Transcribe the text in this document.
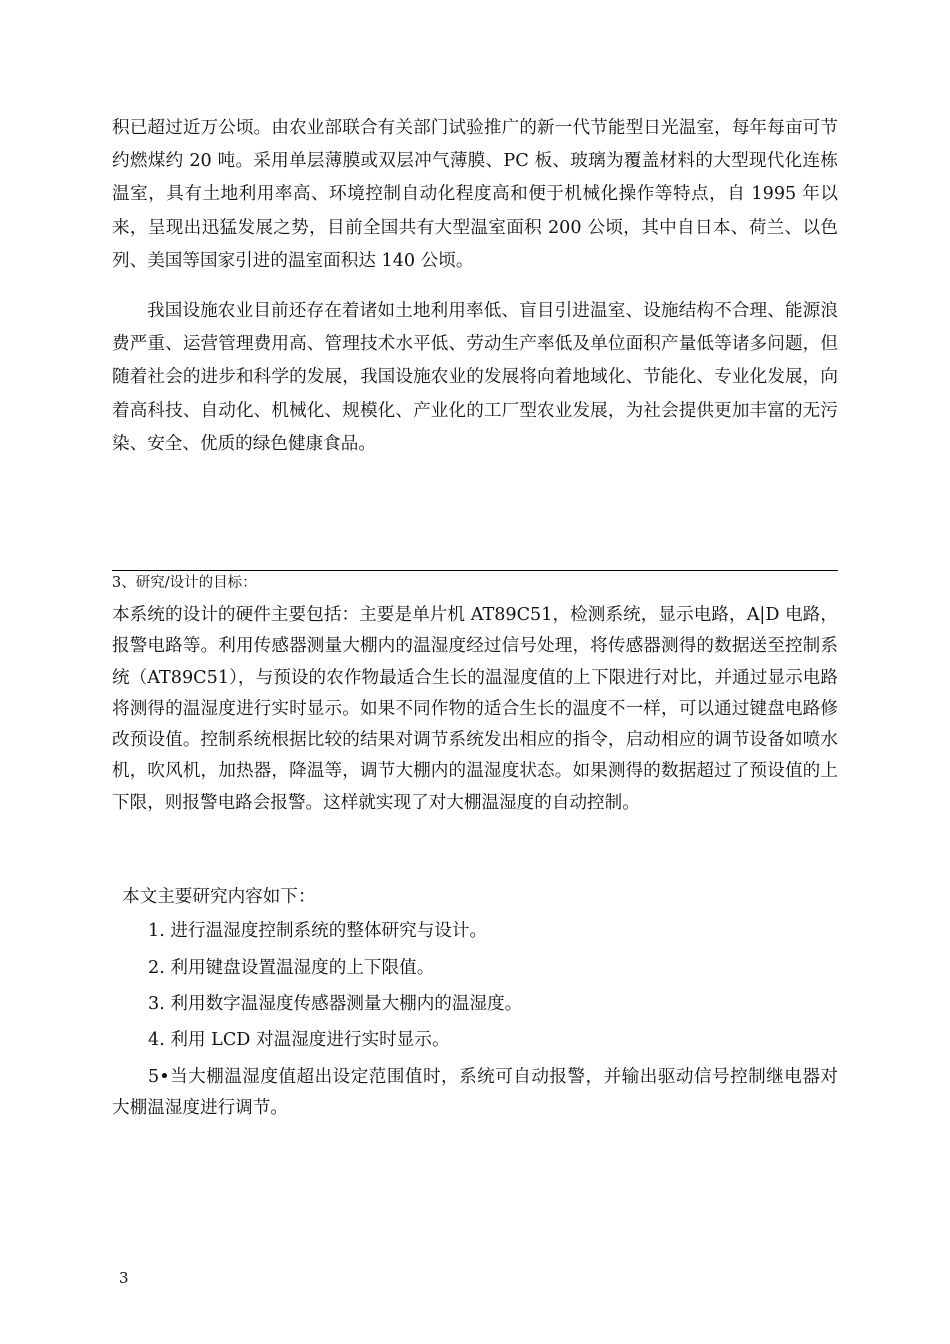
积已超过近万公顷。由农业部联合有关部门试验推广的新一代节能型日光温室，每年每亩可节约燃煤约 20 吨。采用单层薄膜或双层冲气薄膜、PC 板、玻璃为覆盖材料的大型现代化连栋温室，具有土地利用率高、环境控制自动化程度高和便于机械化操作等特点，自 1995 年以来，呈现出迅猛发展之势，目前全国共有大型温室面积 200 公顷，其中自日本、荷兰、以色列、美国等国家引进的温室面积达 140 公顷。

我国设施农业目前还存在着诸如土地利用率低、盲目引进温室、设施结构不合理、能源浪费严重、运营管理费用高、管理技术水平低、劳动生产率低及单位面积产量低等诸多问题，但随着社会的进步和科学的发展，我国设施农业的发展将向着地域化、节能化、专业化发展，向着高科技、自动化、机械化、规模化、产业化的工厂型农业发展，为社会提供更加丰富的无污染、安全、优质的绿色健康食品。

3、研究/设计的目标：

本系统的设计的硬件主要包括：主要是单片机 AT89C51，检测系统，显示电路，A|D 电路，报警电路等。利用传感器测量大棚内的温湿度经过信号处理，将传感器测得的数据送至控制系统（AT89C51），与预设的农作物最适合生长的温湿度值的上下限进行对比，并通过显示电路将测得的温湿度进行实时显示。如果不同作物的适合生长的温度不一样，可以通过键盘电路修改预设值。控制系统根据比较的结果对调节系统发出相应的指令，启动相应的调节设备如喷水机，吹风机，加热器，降温等，调节大棚内的温湿度状态。如果测得的数据超过了预设值的上下限，则报警电路会报警。这样就实现了对大棚温湿度的自动控制。

本文主要研究内容如下：

1. 进行温湿度控制系统的整体研究与设计。

2. 利用键盘设置温湿度的上下限值。

3. 利用数字温湿度传感器测量大棚内的温湿度。

4. 利用 LCD 对温湿度进行实时显示。

5•当大棚温湿度值超出设定范围值时，系统可自动报警，并输出驱动信号控制继电器对大棚温湿度进行调节。

3
